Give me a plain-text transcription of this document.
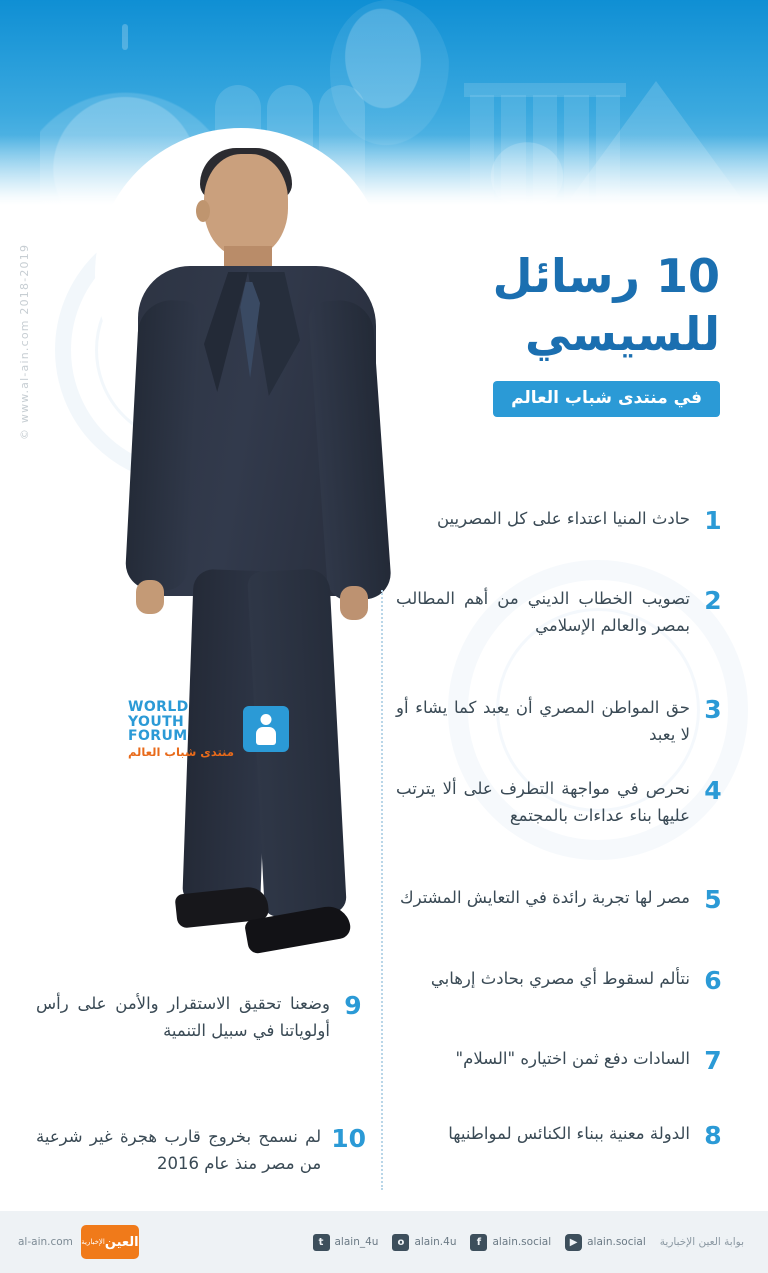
10 رسائل للسيسي
في منتدى شباب العالم
© www.al-ain.com 2018-2019
WORLD
YOUTH
FORUM
منتدى شباب العالم
1
حادث المنيا اعتداء على كل المصريين
2
تصويب الخطاب الديني من أهم المطالب بمصر والعالم الإسلامي
3
حق المواطن المصري أن يعبد كما يشاء أو لا يعبد
4
نحرص في مواجهة التطرف على ألا يترتب عليها بناء عداءات بالمجتمع
5
مصر لها تجربة رائدة في التعايش المشترك
6
نتألم لسقوط أي مصري بحادث إرهابي
7
السادات دفع ثمن اختياره "السلام"
8
الدولة معنية ببناء الكنائس لمواطنيها
9
وضعنا تحقيق الاستقرار والأمن على رأس أولوياتنا في سبيل التنمية
10
لم نسمح بخروج قارب هجرة غير شرعية من مصر منذ عام 2016
t	alain_4u	o alain.4u	f	alain.social	▶ alain.social بوابة العين الإخبارية
al-ain.com العين
الإخبارية
